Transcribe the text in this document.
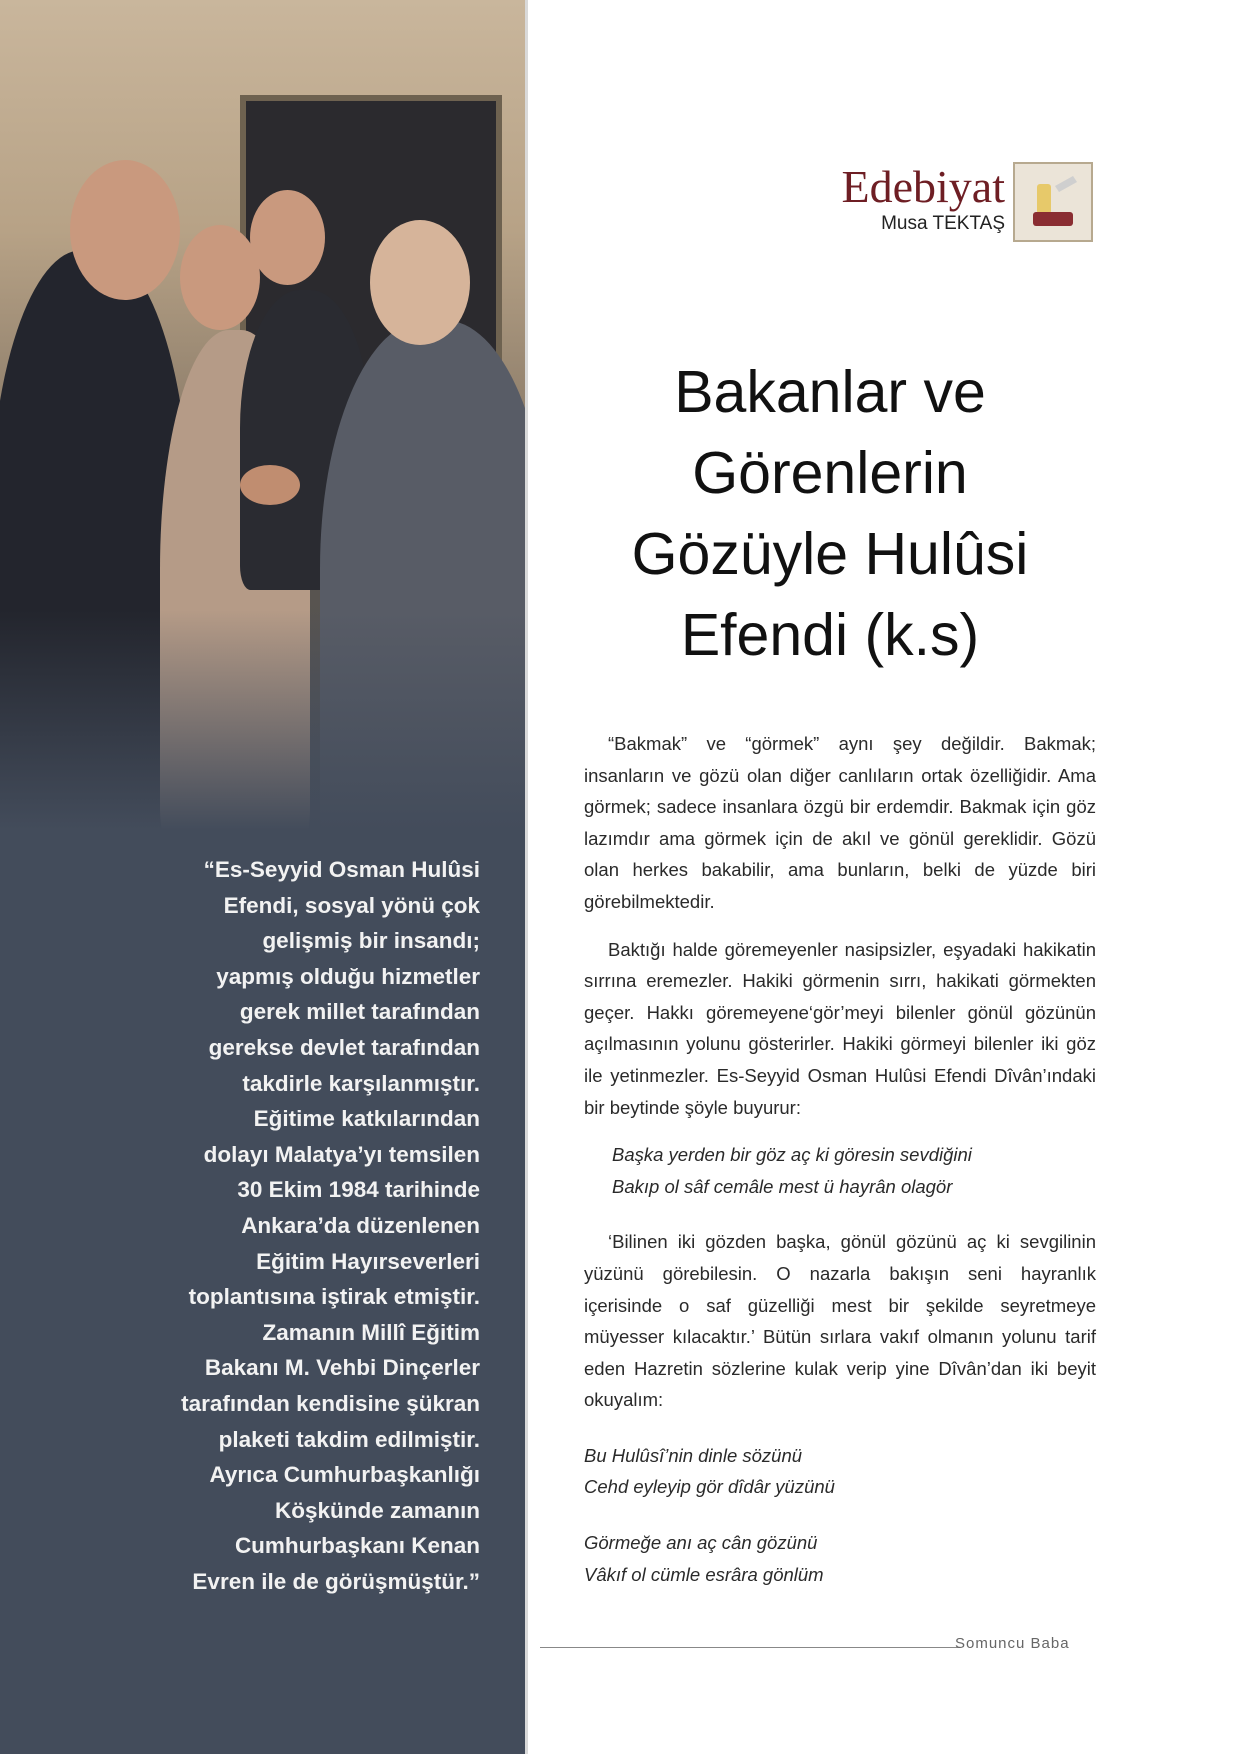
“Es-Seyyid Osman Hulûsi
Efendi, sosyal yönü çok
gelişmiş bir insandı;
yapmış olduğu hizmetler
gerek millet tarafından
gerekse devlet tarafından
takdirle karşılanmıştır.
Eğitime katkılarından
dolayı Malatya’yı temsilen
30 Ekim 1984 tarihinde
Ankara’da düzenlenen
Eğitim Hayırseverleri
toplantısına iştirak etmiştir.
Zamanın Millî Eğitim
Bakanı M. Vehbi Dinçerler
tarafından kendisine şükran
plaketi takdim edilmiştir.
Ayrıca Cumhurbaşkanlığı
Köşkünde zamanın
Cumhurbaşkanı Kenan
Evren ile de görüşmüştür.”

Edebiyat
Musa TEKTAŞ
Bakanlar ve
Görenlerin
Gözüyle Hulûsi
Efendi (k.s)

“Bakmak” ve “görmek” aynı şey değildir. Bakmak; insanların ve gözü olan diğer canlıların ortak özelliğidir. Ama görmek; sadece insanlara özgü bir erdemdir. Bakmak için göz lazımdır ama görmek için de akıl ve gönül gereklidir. Gözü olan herkes bakabilir, ama bunların, belki de yüzde biri görebilmektedir.

Baktığı halde göremeyenler nasipsizler, eşyadaki hakikatin sırrına eremezler. Hakiki görmenin sırrı, hakikati görmekten geçer. Hakkı göremeyene‘gör’meyi bilenler gönül gözünün açılmasının yolunu gösterirler. Hakiki görmeyi bilenler iki göz ile yetinmezler. Es-Seyyid Osman Hulûsi Efendi Dîvân’ındaki bir beytinde şöyle buyurur:

Başka yerden bir göz aç ki göresin sevdiğini
Bakıp ol sâf cemâle mest ü hayrân olagör

‘Bilinen iki gözden başka, gönül gözünü aç ki sevgilinin yüzünü görebilesin. O nazarla bakışın seni hayranlık içerisinde o saf güzelliği mest bir şekilde seyretmeye müyesser kılacaktır.’ Bütün sırlara vakıf olmanın yolunu tarif eden Hazretin sözlerine kulak verip yine Dîvân’dan iki beyit okuyalım:

Bu Hulûsî’nin dinle sözünü
Cehd eyleyip gör dîdâr yüzünü

Görmeğe anı aç cân gözünü
Vâkıf ol cümle esrâra gönlüm

Somuncu Baba
